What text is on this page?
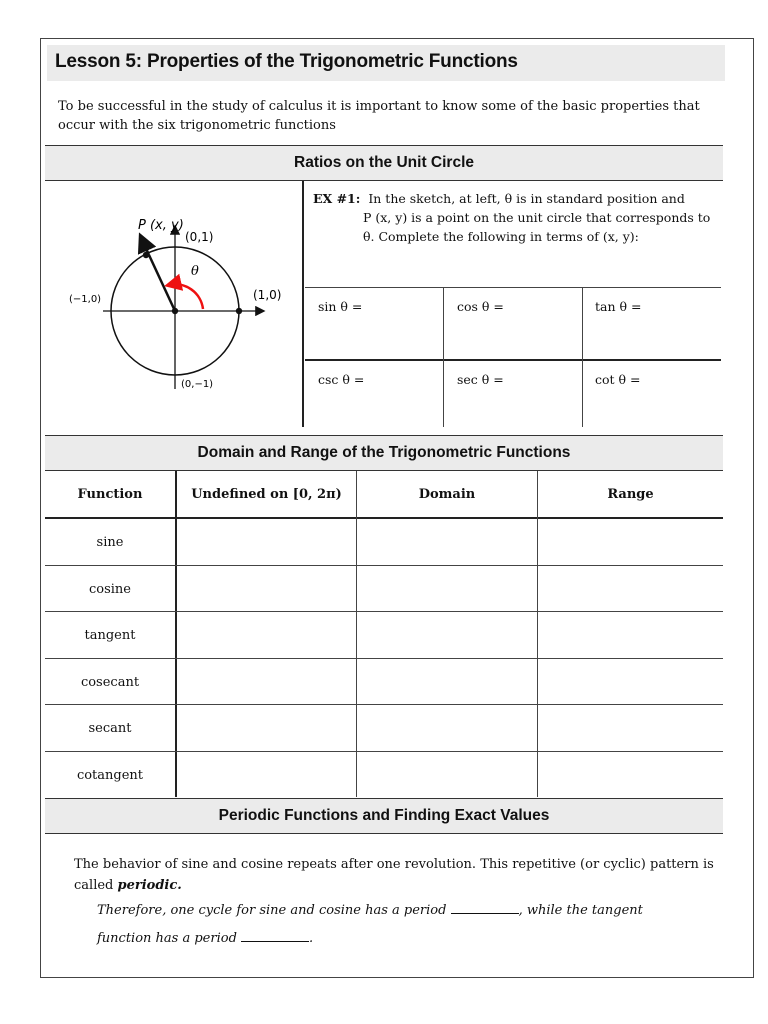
Lesson 5: Properties of the Trigonometric Functions
To be successful in the study of calculus it is important to know some of the basic properties that occur with the six trigonometric functions
Ratios on the Unit Circle
P (x, y)
(0,1)
(1,0)
(−1,0)
(0,−1)
θ
EX #1: In the sketch, at left, θ is in standard position and
P (x, y) is a point on the unit circle that corresponds to
θ. Complete the following in terms of (x, y):
sin θ =	cos θ =	tan θ =
csc θ =	sec θ =	cot θ =
Domain and Range of the Trigonometric Functions
Function	Undefined on [0, 2π)	Domain	Range
sine
cosine
tangent
cosecant
secant
cotangent
Periodic Functions and Finding Exact Values
The behavior of sine and cosine repeats after one revolution. This repetitive (or cyclic) pattern is
called periodic.
Therefore, one cycle for sine and cosine has a period	, while the tangent
function has a period	.
